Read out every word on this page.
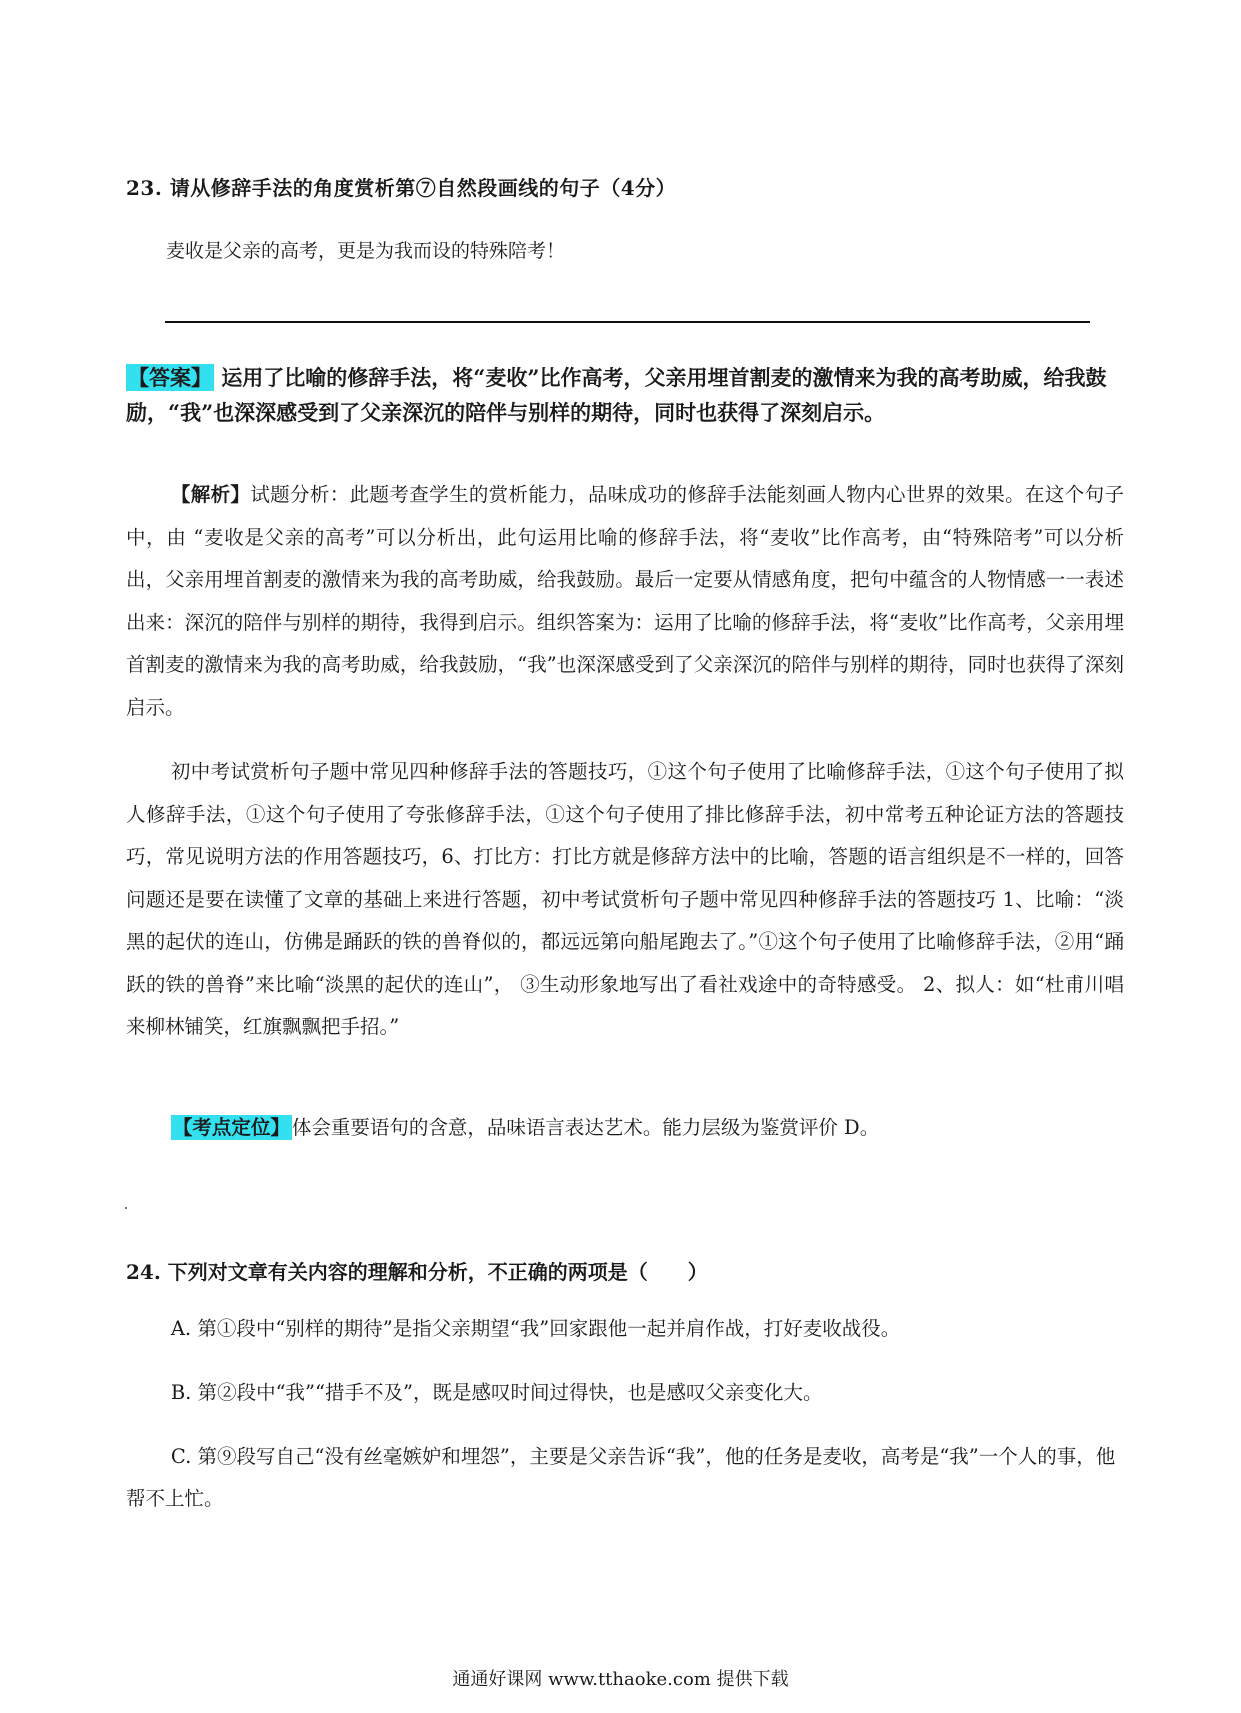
23. 请从修辞手法的角度赏析第⑦自然段画线的句子（4分）
麦收是父亲的高考，更是为我而设的特殊陪考！
【答案】 运用了比喻的修辞手法，将“麦收”比作高考，父亲用埋首割麦的激情来为我的高考助威，给我鼓励，“我”也深深感受到了父亲深沉的陪伴与别样的期待，同时也获得了深刻启示。
【解析】试题分析：此题考查学生的赏析能力，品味成功的修辞手法能刻画人物内心世界的效果。在这个句子中，由 “麦收是父亲的高考”可以分析出，此句运用比喻的修辞手法，将“麦收”比作高考，由“特殊陪考”可以分析出，父亲用埋首割麦的激情来为我的高考助威，给我鼓励。最后一定要从情感角度，把句中蕴含的人物情感一一表述出来：深沉的陪伴与别样的期待，我得到启示。组织答案为：运用了比喻的修辞手法，将“麦收”比作高考，父亲用埋首割麦的激情来为我的高考助威，给我鼓励，“我”也深深感受到了父亲深沉的陪伴与别样的期待，同时也获得了深刻启示。
初中考试赏析句子题中常见四种修辞手法的答题技巧，①这个句子使用了比喻修辞手法，①这个句子使用了拟人修辞手法，①这个句子使用了夸张修辞手法，①这个句子使用了排比修辞手法，初中常考五种论证方法的答题技巧，常见说明方法的作用答题技巧，6、打比方：打比方就是修辞方法中的比喻，答题的语言组织是不一样的，回答问题还是要在读懂了文章的基础上来进行答题，初中考试赏析句子题中常见四种修辞手法的答题技巧 1、比喻：“淡黑的起伏的连山，仿佛是踊跃的铁的兽脊似的，都远远第向船尾跑去了。”①这个句子使用了比喻修辞手法，②用“踊跃的铁的兽脊”来比喻“淡黑的起伏的连山”， ③生动形象地写出了看社戏途中的奇特感受。 2、拟人：如“杜甫川唱来柳林铺笑，红旗飘飘把手招。”
【考点定位】 体会重要语句的含意，品味语言表达艺术。能力层级为鉴赏评价 D。
24. 下列对文章有关内容的理解和分析，不正确的两项是（　　）
A. 第①段中“别样的期待”是指父亲期望“我”回家跟他一起并肩作战，打好麦收战役。
B. 第②段中“我”“措手不及”，既是感叹时间过得快，也是感叹父亲变化大。
C. 第⑨段写自己“没有丝毫嫉妒和埋怨”，主要是父亲告诉“我”，他的任务是麦收，高考是“我”一个人的事，他帮不上忙。
通通好课网 www.tthaoke.com 提供下载
